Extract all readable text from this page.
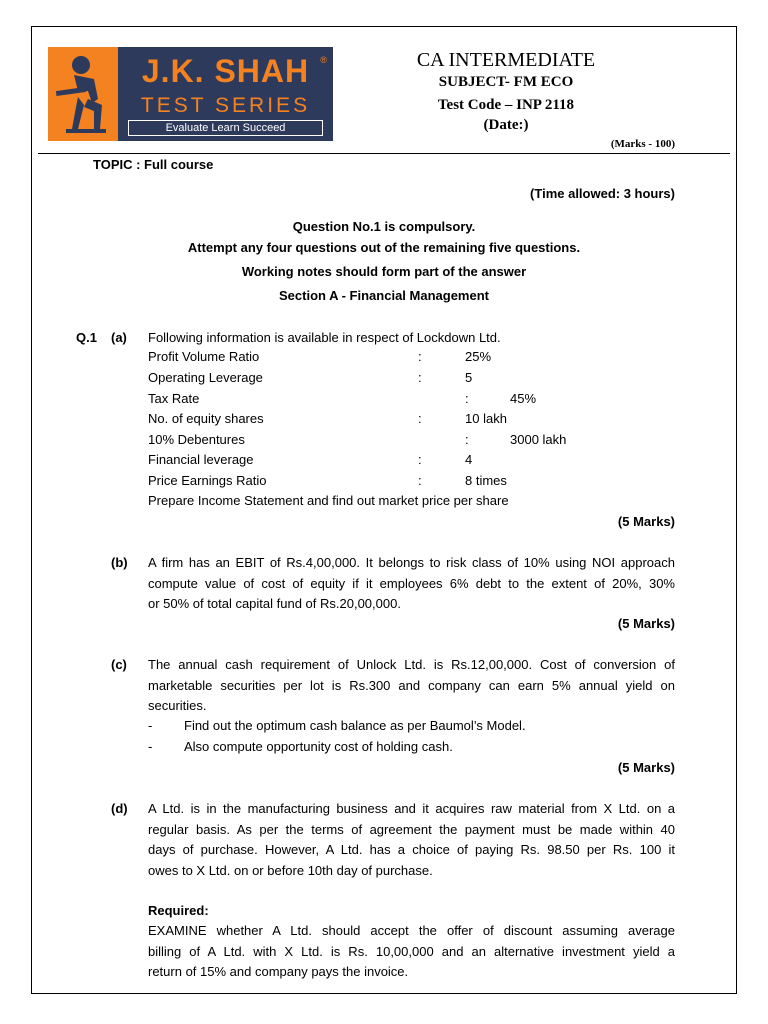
J.K. SHAH	®
TEST SERIES
Evaluate Learn Succeed
CA INTERMEDIATE
SUBJECT- FM ECO
Test Code – INP 2118
(Date:)
(Marks - 100)
TOPIC : Full course
(Time allowed: 3 hours)
Question No.1 is compulsory.
Attempt any four questions out of the remaining five questions.
Working notes should form part of the answer
Section A - Financial Management
Q.1 (a) Following information is available in respect of Lockdown Ltd.
Profit Volume Ratio	:	25%
Operating Leverage	:	5
Tax Rate	:	45%
No. of equity shares	:	10 lakh
10% Debentures	:	3000 lakh
Financial leverage	:	4
Price Earnings Ratio	:	8 times
Prepare Income Statement and find out market price per share
(5 Marks)
(b) A firm has an EBIT of Rs.4,00,000. It belongs to risk class of 10% using NOI approach
compute value of cost of equity if it employees 6% debt to the extent of 20%, 30%
or 50% of total capital fund of Rs.20,00,000.
(5 Marks)
(c) The annual cash requirement of Unlock Ltd. is Rs.12,00,000. Cost of conversion of
marketable securities per lot is Rs.300 and company can earn 5% annual yield on
securities.
- Find out the optimum cash balance as per Baumol’s Model.
- Also compute opportunity cost of holding cash.
(5 Marks)
(d) A Ltd. is in the manufacturing business and it acquires raw material from X Ltd. on a
regular basis. As per the terms of agreement the payment must be made within 40
days of purchase. However, A Ltd. has a choice of paying Rs. 98.50 per Rs. 100 it
owes to X Ltd. on or before 10th day of purchase.
Required:
EXAMINE whether A Ltd. should accept the offer of discount assuming average
billing of A Ltd. with X Ltd. is Rs. 10,00,000 and an alternative investment yield a
return of 15% and company pays the invoice.
